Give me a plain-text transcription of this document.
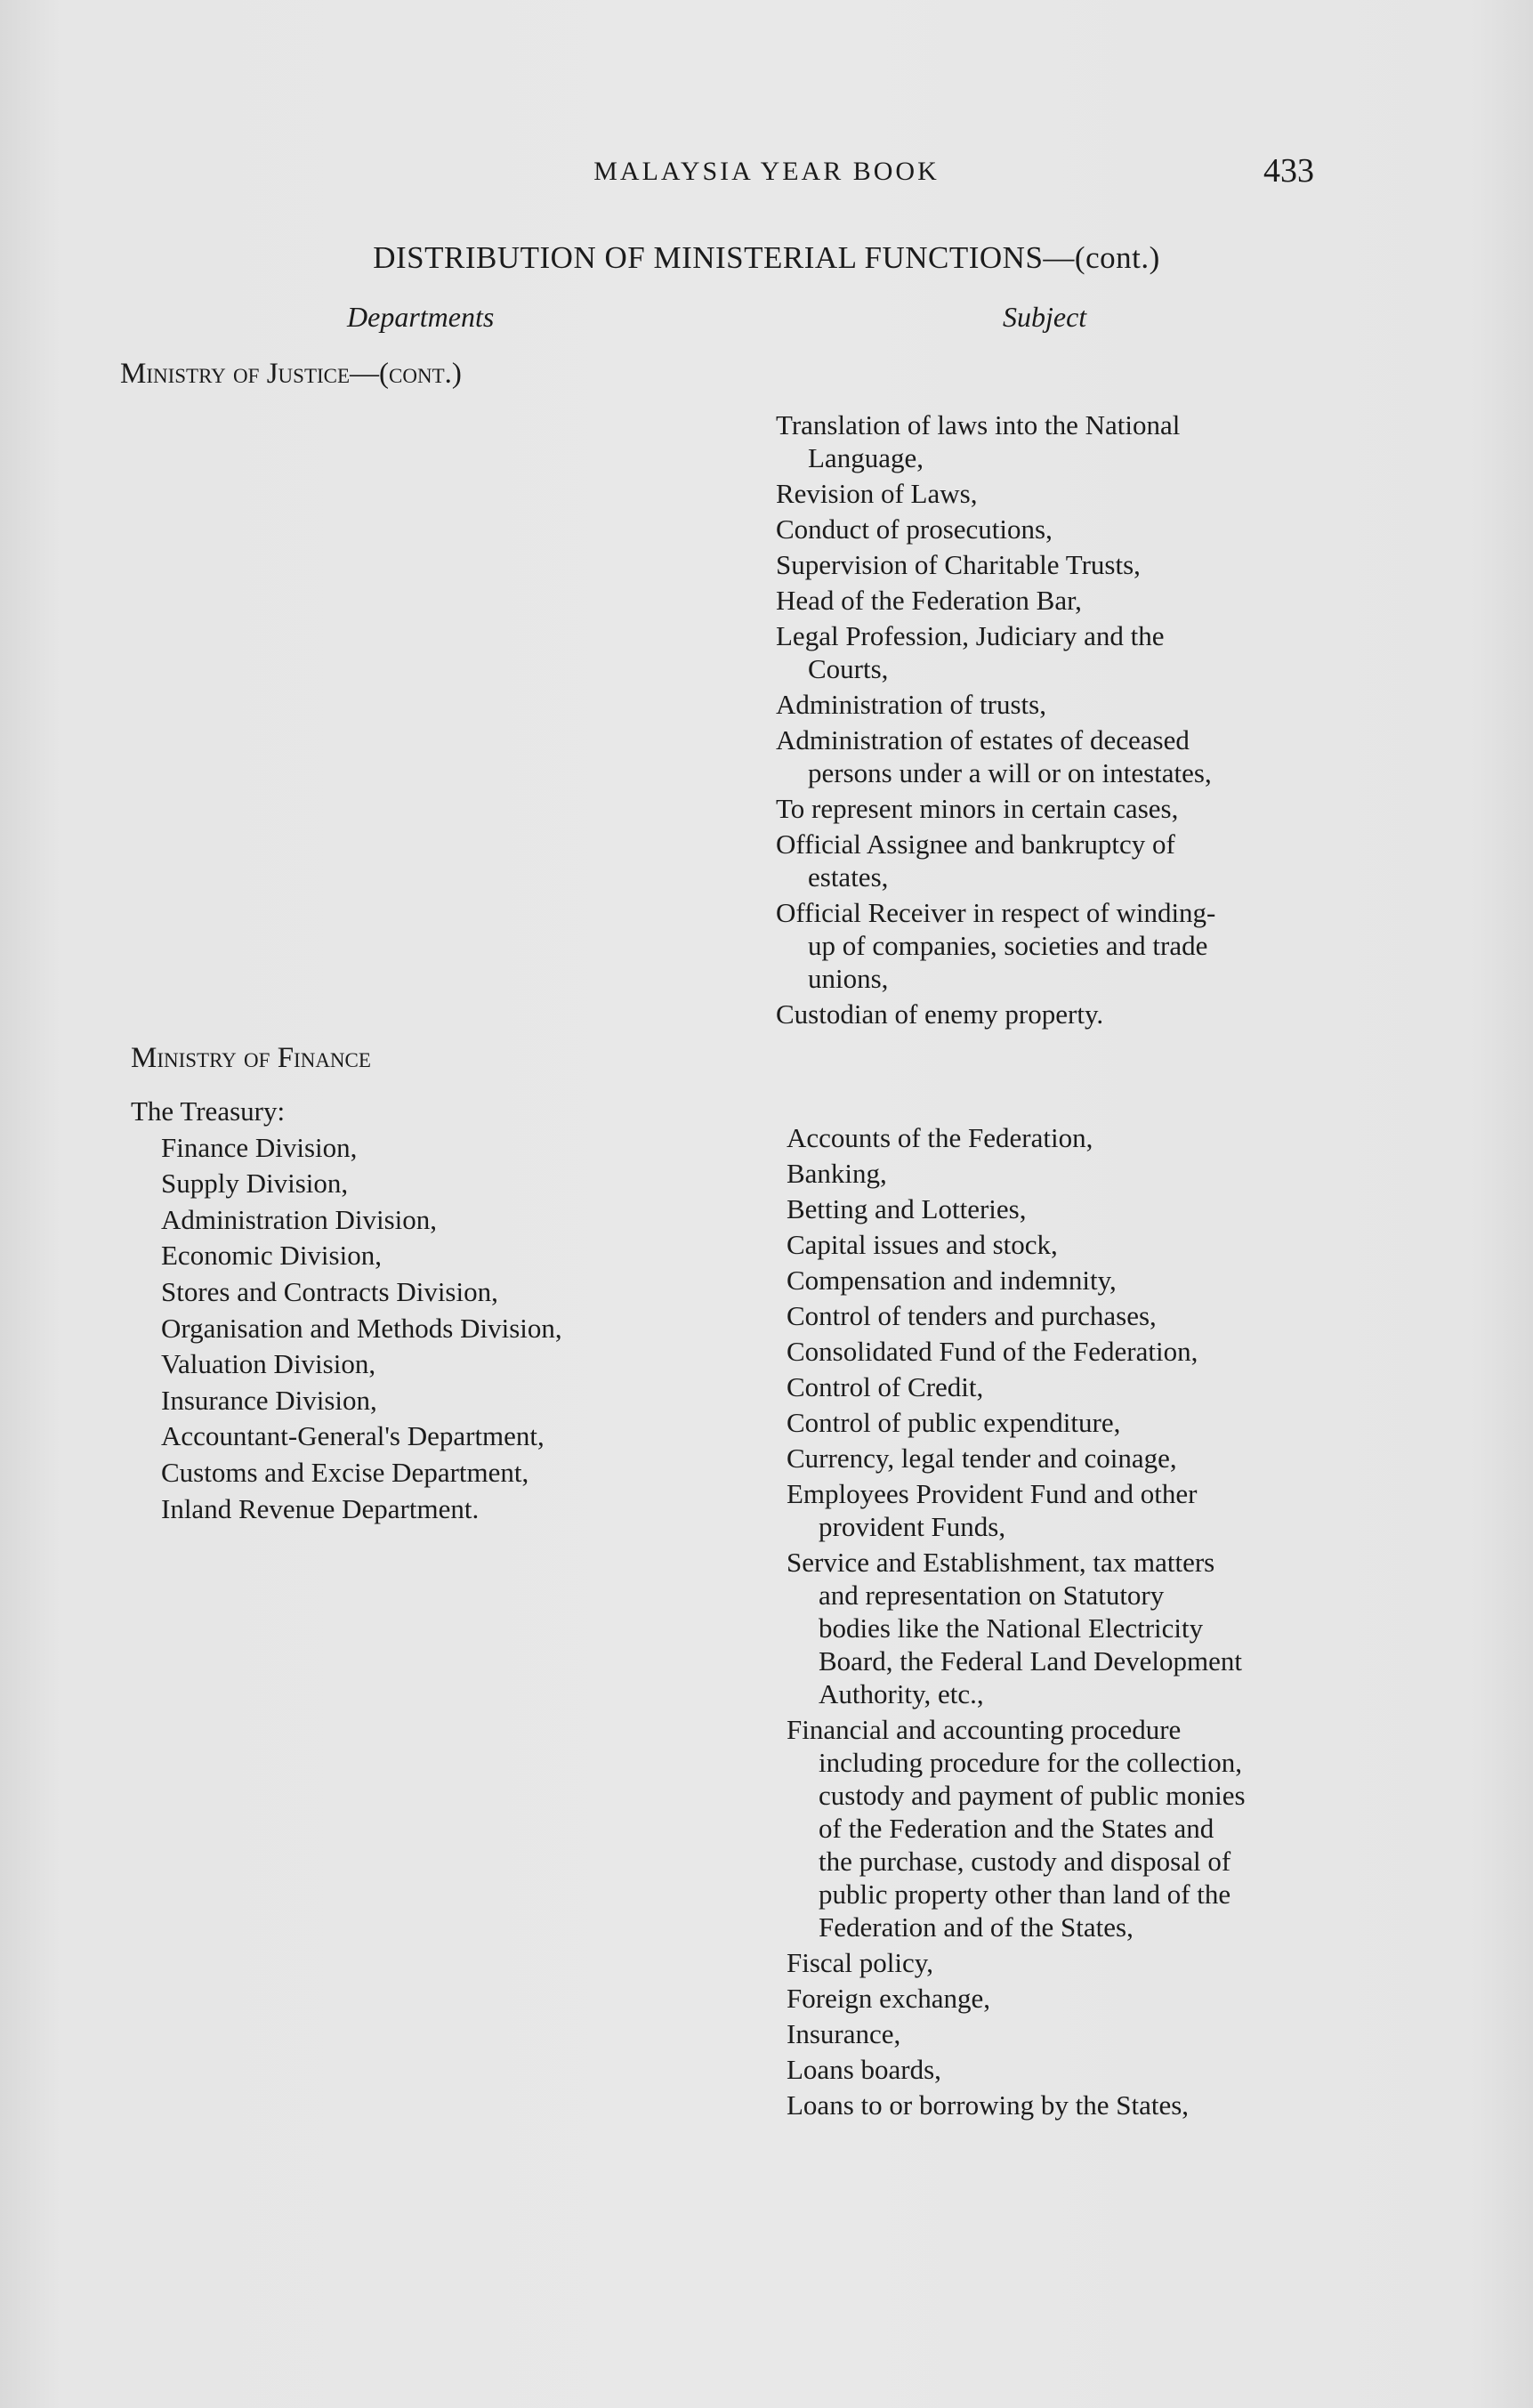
MALAYSIA YEAR BOOK	433
DISTRIBUTION OF MINISTERIAL FUNCTIONS—(cont.)
Departments	Subject
Ministry of Justice—(cont.)
Translation of laws into the National
Language,
Revision of Laws,
Conduct of prosecutions,
Supervision of Charitable Trusts,
Head of the Federation Bar,
Legal Profession, Judiciary and the
Courts,
Administration of trusts,
Administration of estates of deceased
persons under a will or on intestates,
To represent minors in certain cases,
Official Assignee and bankruptcy of
estates,
Official Receiver in respect of winding-
up of companies, societies and trade
unions,
Custodian of enemy property.
Ministry of Finance
The Treasury:
Finance Division,
Supply Division,
Administration Division,
Economic Division,
Stores and Contracts Division,
Organisation and Methods Division,
Valuation Division,
Insurance Division,
Accountant-General's Department,
Customs and Excise Department,
Inland Revenue Department.
Accounts of the Federation,
Banking,
Betting and Lotteries,
Capital issues and stock,
Compensation and indemnity,
Control of tenders and purchases,
Consolidated Fund of the Federation,
Control of Credit,
Control of public expenditure,
Currency, legal tender and coinage,
Employees Provident Fund and other
provident Funds,
Service and Establishment, tax matters
and representation on Statutory
bodies like the National Electricity
Board, the Federal Land Development
Authority, etc.,
Financial and accounting procedure
including procedure for the collection,
custody and payment of public monies
of the Federation and the States and
the purchase, custody and disposal of
public property other than land of the
Federation and of the States,
Fiscal policy,
Foreign exchange,
Insurance,
Loans boards,
Loans to or borrowing by the States,
